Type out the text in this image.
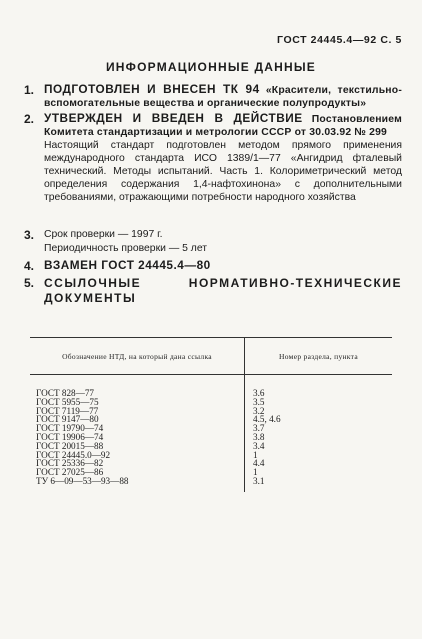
ГОСТ 24445.4—92 С. 5
ИНФОРМАЦИОННЫЕ ДАННЫЕ
1. ПОДГОТОВЛЕН И ВНЕСЕН ТК 94 «Красители, текстильно-вспомогательные вещества и органические полупродукты»
2. УТВЕРЖДЕН И ВВЕДЕН В ДЕЙСТВИЕ Постановлением Комитета стандартизации и метрологии СССР от 30.03.92 № 299

Настоящий стандарт подготовлен методом прямого применения международного стандарта ИСО 1389/1—77 «Ангидрид фталевый технический. Методы испытаний. Часть 1. Колориметрический метод определения содержания 1,4-нафтохинона» с дополнительными требованиями, отражающими потребности народного хозяйства

3. Срок проверки — 1997 г.

Периодичность проверки — 5 лет

4. ВЗАМЕН ГОСТ 24445.4—80
5. ССЫЛОЧНЫЕ НОРМАТИВНО-ТЕХНИЧЕСКИЕ ДОКУМЕНТЫ
Обозначение НТД, на который дана ссылка	Номер раздела, пункта
ГОСТ 828—77	3.6
ГОСТ 5955—75	3.5
ГОСТ 7119—77	3.2
ГОСТ 9147—80	4.5, 4.6
ГОСТ 19790—74	3.7
ГОСТ 19906—74	3.8
ГОСТ 20015—88	3.4
ГОСТ 24445.0—92	1
ГОСТ 25336—82	4.4
ГОСТ 27025—86	1
ТУ 6—09—53—93—88	3.1
